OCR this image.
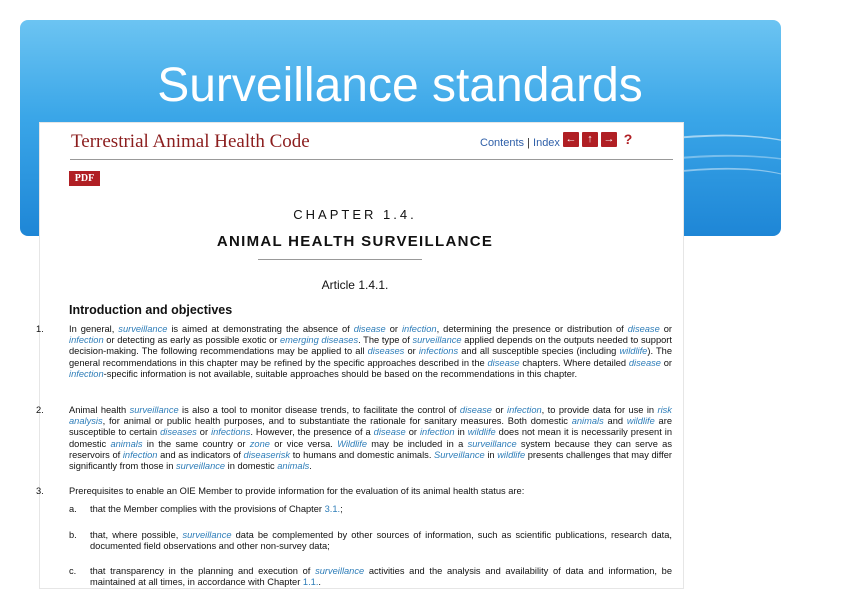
Surveillance standards
Terrestrial Animal Health Code	Contents | Index ← ↑ → ?
PDF
CHAPTER 1.4.
ANIMAL HEALTH SURVEILLANCE
Article 1.4.1.
Introduction and objectives
1.	In general, surveillance is aimed at demonstrating the absence of disease or infection, determining the presence or distribution of disease or infection or detecting as early as possible exotic or emerging diseases. The type of surveillance applied depends on the outputs needed to support decision-making. The following recommendations may be applied to all diseases or infections and all susceptible species (including wildlife). The general recommendations in this chapter may be refined by the specific approaches described in the disease chapters. Where detailed disease or infection-specific information is not available, suitable approaches should be based on the recommendations in this chapter.
2.	Animal health surveillance is also a tool to monitor disease trends, to facilitate the control of disease or infection, to provide data for use in risk analysis, for animal or public health purposes, and to substantiate the rationale for sanitary measures. Both domestic animals and wildlife are susceptible to certain diseases or infections. However, the presence of a disease or infection in wildlife does not mean it is necessarily present in domestic animals in the same country or zone or vice versa. Wildlife may be included in a surveillance system because they can serve as reservoirs of infection and as indicators of diseaserisk to humans and domestic animals. Surveillance in wildlife presents challenges that may differ significantly from those in surveillance in domestic animals.
3.	Prerequisites to enable an OIE Member to provide information for the evaluation of its animal health status are:
a. that the Member complies with the provisions of Chapter 3.1.;
b. that, where possible, surveillance data be complemented by other sources of information, such as scientific publications, research data, documented field observations and other non-survey data;
c. that transparency in the planning and execution of surveillance activities and the analysis and availability of data and information, be maintained at all times, in accordance with Chapter 1.1..
